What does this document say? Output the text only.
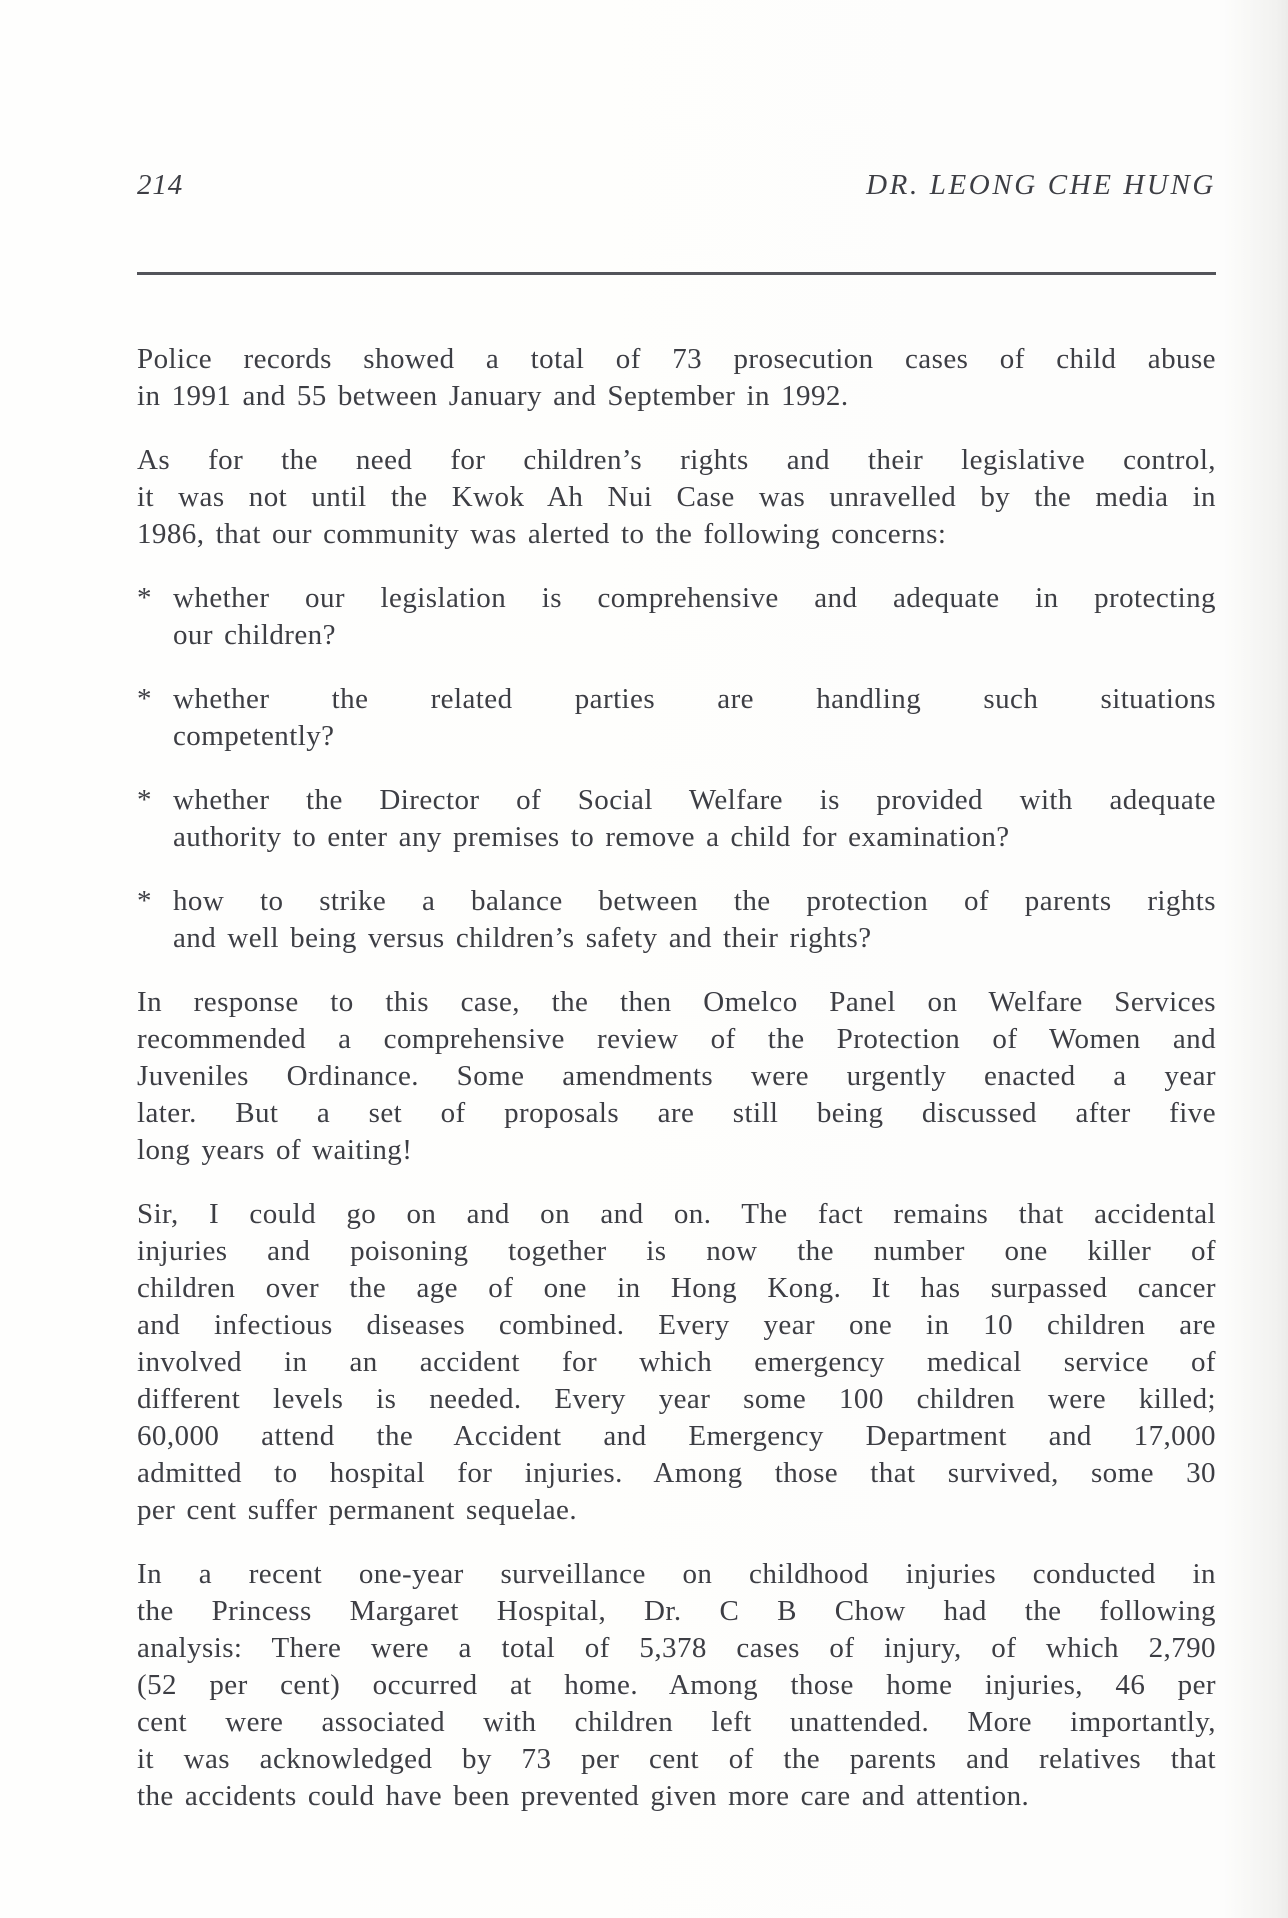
214	DR. LEONG CHE HUNG
Police records showed a total of 73 prosecution cases of child abuse
in 1991 and 55 between January and September in 1992.
As for the need for children’s rights and their legislative control,
it was not until the Kwok Ah Nui Case was unravelled by the media in
1986, that our community was alerted to the following concerns:
* whether our legislation is comprehensive and adequate in protecting
our children?
* whether the related parties are handling such situations
competently?
* whether the Director of Social Welfare is provided with adequate
authority to enter any premises to remove a child for examination?
* how to strike a balance between the protection of parents rights
and well being versus children’s safety and their rights?
In response to this case, the then Omelco Panel on Welfare Services
recommended a comprehensive review of the Protection of Women and
Juveniles Ordinance. Some amendments were urgently enacted a year
later. But a set of proposals are still being discussed after five
long years of waiting!
Sir, I could go on and on and on. The fact remains that accidental
injuries and poisoning together is now the number one killer of
children over the age of one in Hong Kong. It has surpassed cancer
and infectious diseases combined. Every year one in 10 children are
involved in an accident for which emergency medical service of
different levels is needed. Every year some 100 children were killed;
60,000 attend the Accident and Emergency Department and 17,000
admitted to hospital for injuries. Among those that survived, some 30
per cent suffer permanent sequelae.
In a recent one-year surveillance on childhood injuries conducted in
the Princess Margaret Hospital, Dr. C B Chow had the following
analysis: There were a total of 5,378 cases of injury, of which 2,790
(52 per cent) occurred at home. Among those home injuries, 46 per
cent were associated with children left unattended. More importantly,
it was acknowledged by 73 per cent of the parents and relatives that
the accidents could have been prevented given more care and attention.
